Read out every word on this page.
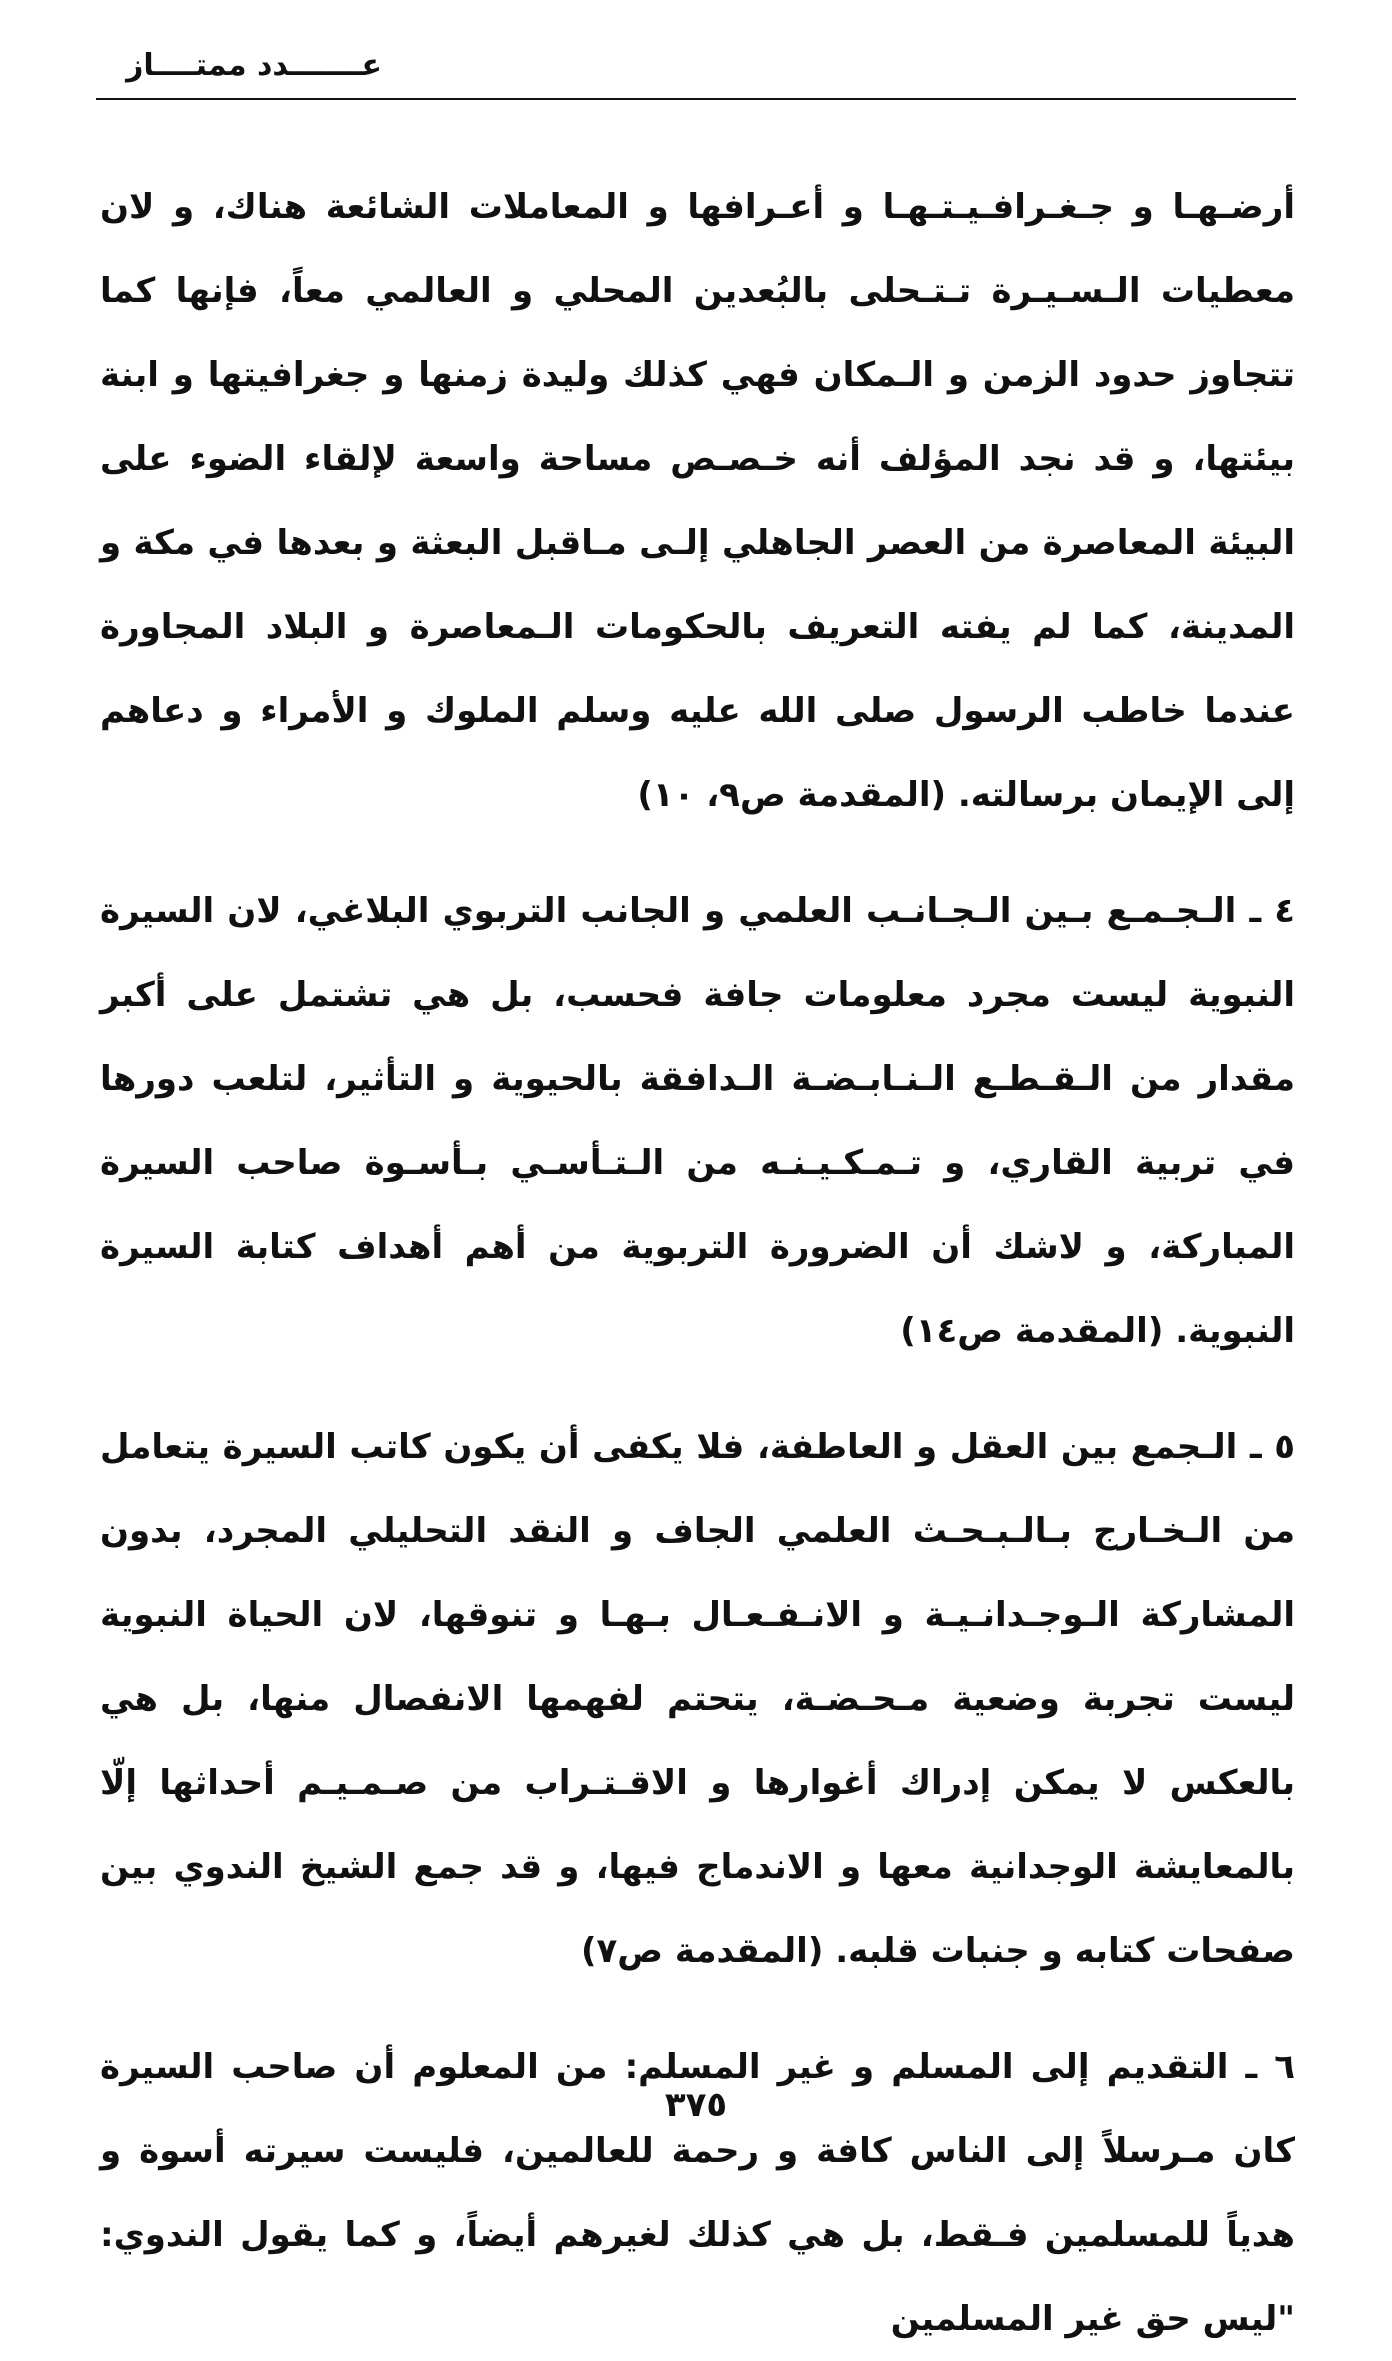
عـــــــدد ممتــــاز

أرضـهـا و جـغـرافـيـتـهـا و أعـرافها و المعاملات الشائعة هناك، و لان معطيات الـسـيـرة تـتـحلى بالبُعدين المحلي و العالمي معاً، فإنها كما تتجاوز حدود الزمن و الـمكان فهي كذلك وليدة زمنها و جغرافيتها و ابنة بيئتها، و قد نجد المؤلف أنه خـصـص مساحة واسعة لإلقاء الضوء على البيئة المعاصرة من العصر الجاهلي إلـى مـاقبل البعثة و بعدها في مكة و المدينة، كما لم يفته التعريف بالحكومات الـمعاصرة و البلاد المجاورة عندما خاطب الرسول صلى الله عليه وسلم الملوك و الأمراء و دعاهم إلى الإيمان برسالته. (المقدمة ص٩، ١٠)

٤ ـ الـجـمـع بـين الـجـانـب العلمي و الجانب التربوي البلاغي، لان السيرة النبوية ليست مجرد معلومات جافة فحسب، بل هي تشتمل على أكبر مقدار من الـقـطـع الـنـابـضـة الـدافقة بالحيوية و التأثير، لتلعب دورها في تربية القاري، و تـمـكـيـنـه من الـتـأسـي بـأسـوة صاحب السيرة المباركة، و لاشك أن الضرورة التربوية من أهم أهداف كتابة السيرة النبوية. (المقدمة ص١٤)

٥ ـ الـجمع بين العقل و العاطفة، فلا يكفى أن يكون كاتب السيرة يتعامل من الـخـارج بـالـبـحـث العلمي الجاف و النقد التحليلي المجرد، بدون المشاركة الـوجـدانـيـة و الانـفـعـال بـهـا و تنوقها، لان الحياة النبوية ليست تجربة وضعية مـحـضـة، يتحتم لفهمها الانفصال منها، بل هي بالعكس لا يمكن إدراك أغوارها و الاقـتـراب من صـمـيـم أحداثها إلّا بالمعايشة الوجدانية معها و الاندماج فيها، و قد جمع الشيخ الندوي بين صفحات كتابه و جنبات قلبه. (المقدمة ص٧)

٦ ـ التقديم إلى المسلم و غير المسلم: من المعلوم أن صاحب السيرة كان مـرسلاً إلى الناس كافة و رحمة للعالمين، فليست سيرته أسوة و هدياً للمسلمين فـقط، بل هي كذلك لغيرهم أيضاً، و كما يقول الندوي: "ليس حق غير المسلمين

٣٧٥
